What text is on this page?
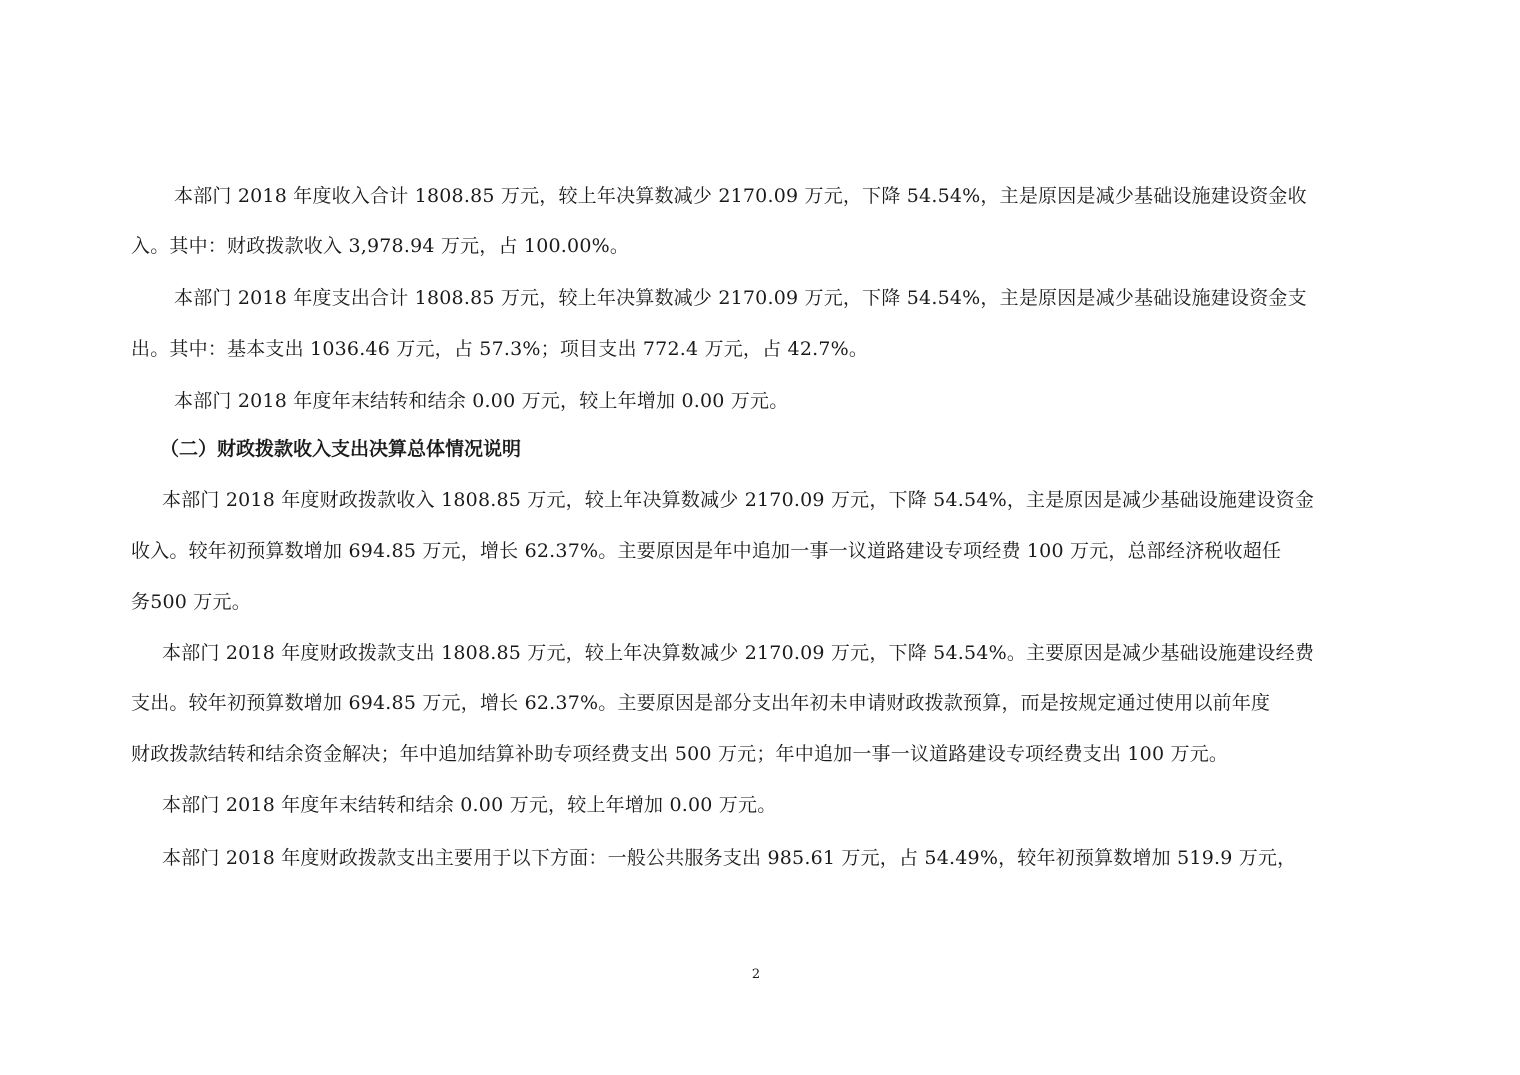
本部门 2018 年度收入合计 1808.85 万元，较上年决算数减少 2170.09 万元，下降 54.54%，主是原因是减少基础设施建设资金收
入。其中：财政拨款收入 3,978.94 万元，占 100.00%。
本部门 2018 年度支出合计 1808.85 万元，较上年决算数减少 2170.09 万元，下降 54.54%，主是原因是减少基础设施建设资金支
出。其中：基本支出 1036.46 万元，占 57.3%；项目支出 772.4 万元，占 42.7%。
本部门 2018 年度年末结转和结余 0.00 万元，较上年增加 0.00 万元。
（二）财政拨款收入支出决算总体情况说明
本部门 2018 年度财政拨款收入 1808.85 万元，较上年决算数减少 2170.09 万元，下降 54.54%，主是原因是减少基础设施建设资金
收入。较年初预算数增加 694.85 万元，增长 62.37%。主要原因是年中追加一事一议道路建设专项经费 100 万元，总部经济税收超任
务500 万元。
本部门 2018 年度财政拨款支出 1808.85 万元，较上年决算数减少 2170.09 万元，下降 54.54%。主要原因是减少基础设施建设经费
支出。较年初预算数增加 694.85 万元，增长 62.37%。主要原因是部分支出年初未申请财政拨款预算，而是按规定通过使用以前年度
财政拨款结转和结余资金解决；年中追加结算补助专项经费支出 500 万元；年中追加一事一议道路建设专项经费支出 100 万元。
本部门 2018 年度年末结转和结余 0.00 万元，较上年增加 0.00 万元。
本部门 2018 年度财政拨款支出主要用于以下方面：一般公共服务支出 985.61 万元，占 54.49%，较年初预算数增加 519.9 万元，
2
